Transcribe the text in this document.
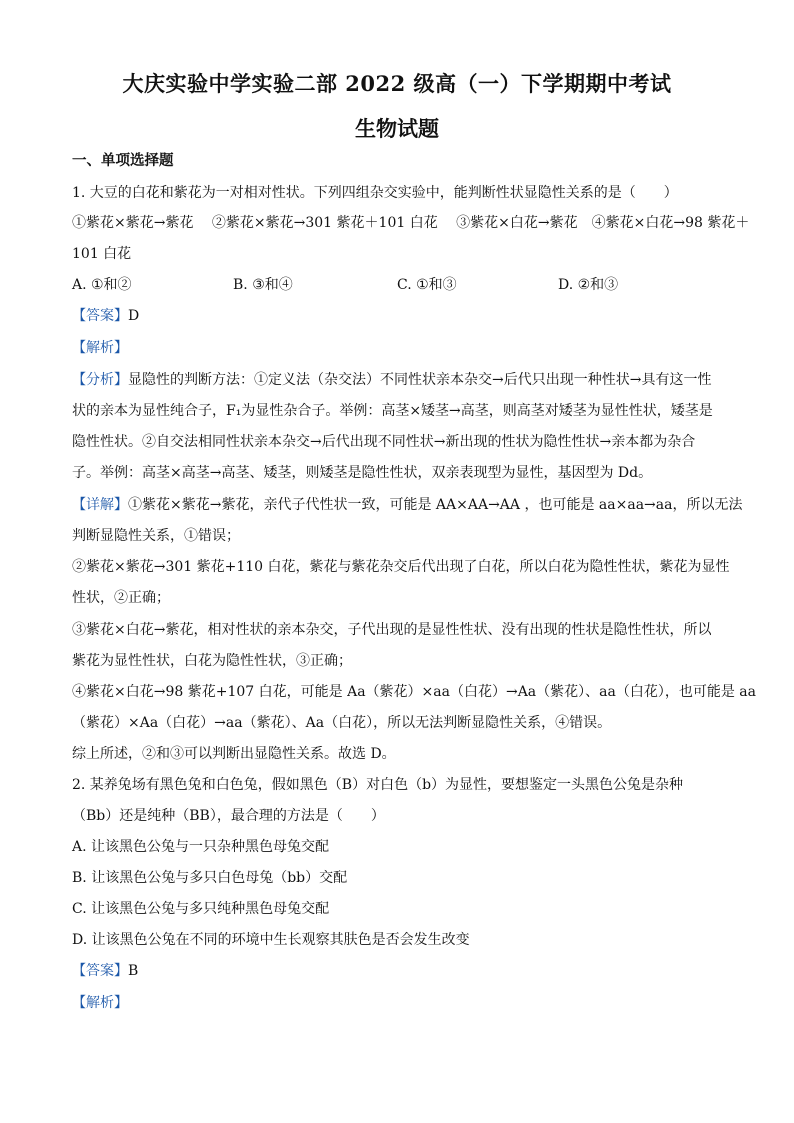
大庆实验中学实验二部 2022 级高（一）下学期期中考试
生物试题
一、单项选择题
1. 大豆的白花和紫花为一对相对性状。下列四组杂交实验中，能判断性状显隐性关系的是（　　）
①紫花×紫花→紫花　 ②紫花×紫花→301 紫花＋101 白花　 ③紫花×白花→紫花　④紫花×白花→98 紫花＋
101 白花
A. ①和②	B. ③和④	C. ①和③	D. ②和③
【答案】D
【解析】
【分析】显隐性的判断方法：①定义法（杂交法）不同性状亲本杂交→后代只出现一种性状→具有这一性
状的亲本为显性纯合子，F₁为显性杂合子。举例：高茎×矮茎→高茎，则高茎对矮茎为显性性状，矮茎是
隐性性状。②自交法相同性状亲本杂交→后代出现不同性状→新出现的性状为隐性性状→亲本都为杂合
子。举例：高茎×高茎→高茎、矮茎，则矮茎是隐性性状，双亲表现型为显性，基因型为 Dd。
【详解】①紫花×紫花→紫花，亲代子代性状一致，可能是 AA×AA→AA ，也可能是 aa×aa→aa，所以无法
判断显隐性关系，①错误；
②紫花×紫花→301 紫花+110 白花，紫花与紫花杂交后代出现了白花，所以白花为隐性性状，紫花为显性
性状，②正确；
③紫花×白花→紫花，相对性状的亲本杂交，子代出现的是显性性状、没有出现的性状是隐性性状，所以
紫花为显性性状，白花为隐性性状，③正确；
④紫花×白花→98 紫花+107 白花，可能是 Aa（紫花）×aa（白花）→Aa（紫花）、aa（白花），也可能是 aa
（紫花）×Aa（白花）→aa（紫花）、Aa（白花），所以无法判断显隐性关系，④错误。
综上所述，②和③可以判断出显隐性关系。故选 D。
2. 某养兔场有黑色兔和白色兔，假如黑色（B）对白色（b）为显性，要想鉴定一头黑色公兔是杂种
（Bb）还是纯种（BB），最合理的方法是（　　）
A. 让该黑色公兔与一只杂种黑色母兔交配
B. 让该黑色公兔与多只白色母兔（bb）交配
C. 让该黑色公兔与多只纯种黑色母兔交配
D. 让该黑色公兔在不同的环境中生长观察其肤色是否会发生改变
【答案】B
【解析】
